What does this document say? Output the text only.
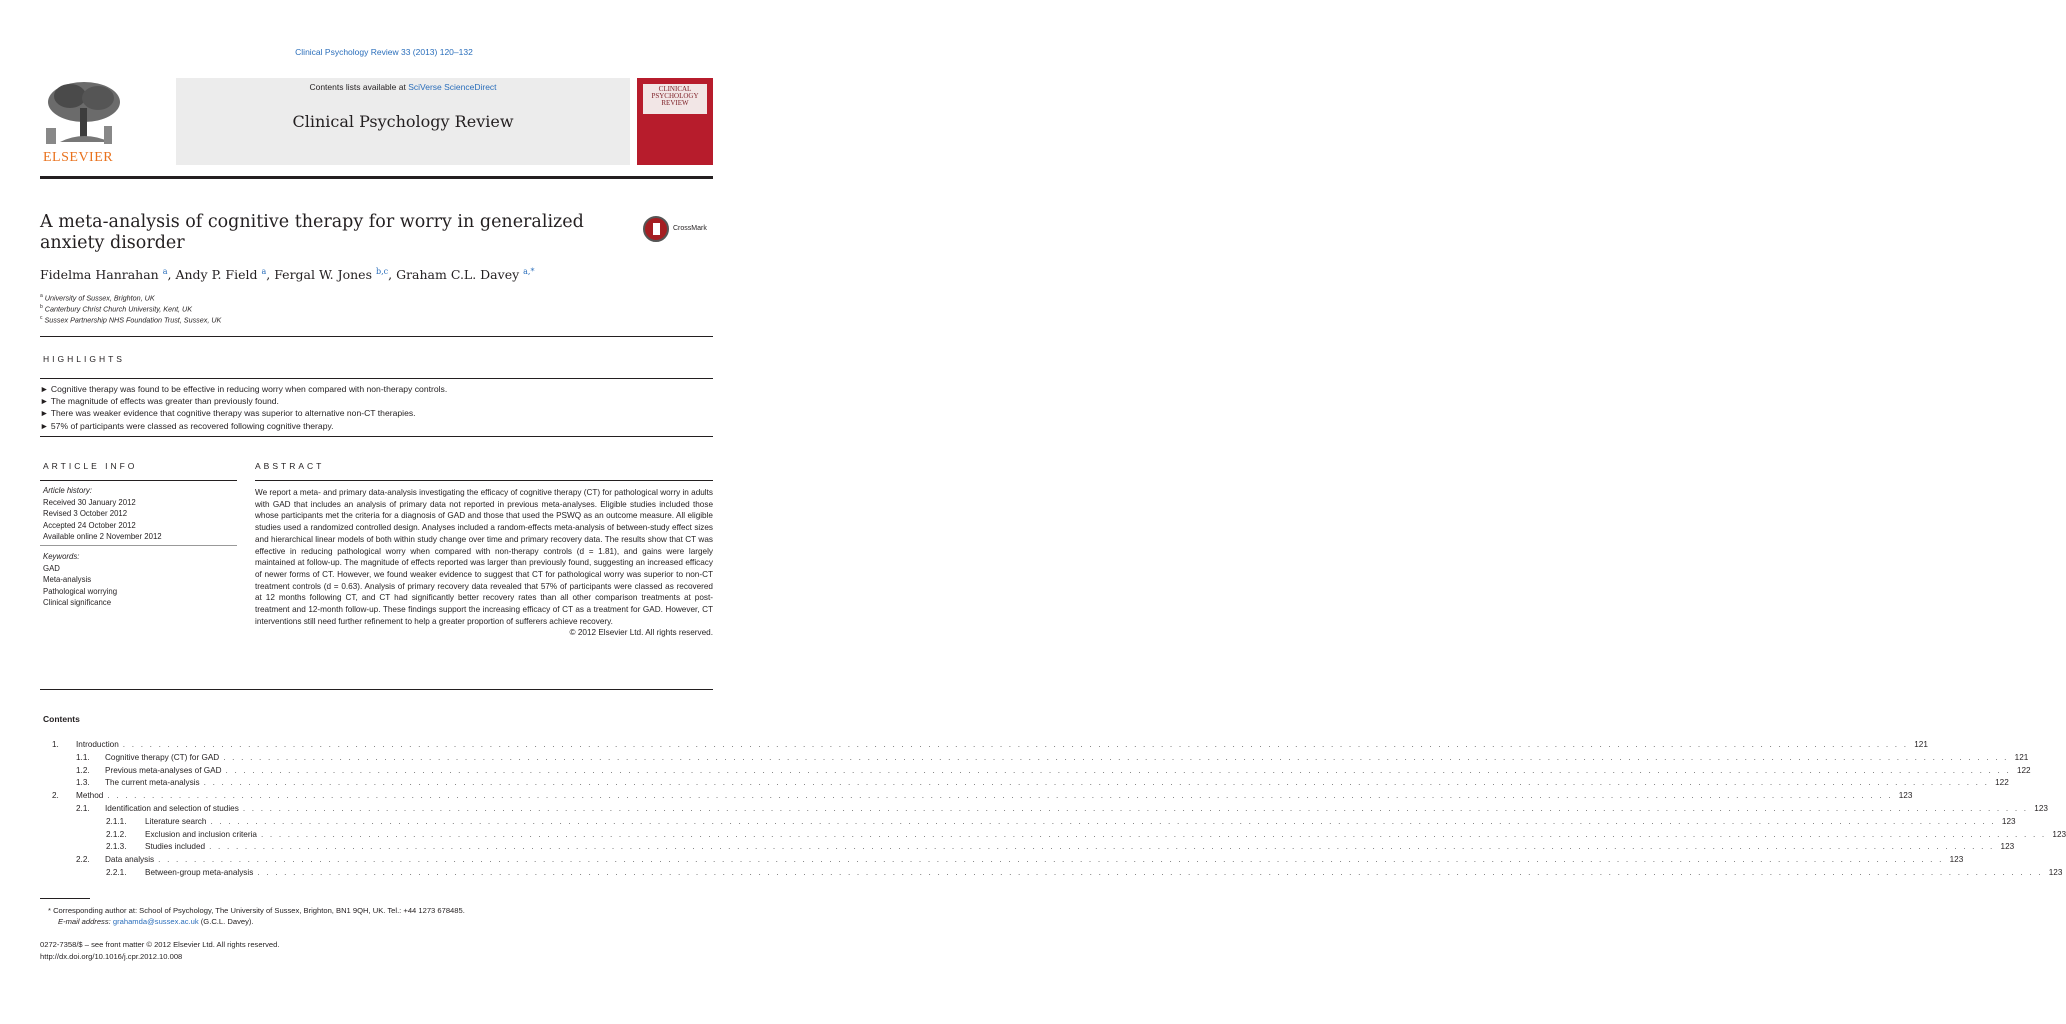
Clinical Psychology Review 33 (2013) 120–132
ELSEVIER
Contents lists available at SciVerse ScienceDirect
Clinical Psychology Review
CLINICAL
PSYCHOLOGY
REVIEW
A meta-analysis of cognitive therapy for worry in generalized
anxiety disorder
CrossMark
Fidelma Hanrahan $^a$, Andy P. Field $^a$, Fergal W. Jones $^{b,c}$, Graham C.L. Davey $^{a,*}$
$^a$ University of Sussex, Brighton, UK
$^b$ Canterbury Christ Church University, Kent, UK
$^c$ Sussex Partnership NHS Foundation Trust, Sussex, UK
HIGHLIGHTS
► Cognitive therapy was found to be effective in reducing worry when compared with non-therapy controls.
► The magnitude of effects was greater than previously found.
► There was weaker evidence that cognitive therapy was superior to alternative non-CT therapies.
► 57% of participants were classed as recovered following cognitive therapy.
ARTICLE INFO	ABSTRACT
Article history:
Received 30 January 2012
Revised 3 October 2012
Accepted 24 October 2012
Available online 2 November 2012
Keywords:
GAD
Meta-analysis
Pathological worrying
Clinical significance
We report a meta- and primary data-analysis investigating the efficacy of cognitive therapy (CT) for pathological worry in adults with GAD that includes an analysis of primary data not reported in previous meta-analyses. Eligible studies included those whose participants met the criteria for a diagnosis of GAD and those that used the PSWQ as an outcome measure. All eligible studies used a randomized controlled design. Analyses included a random-effects meta-analysis of between-study effect sizes and hierarchical linear models of both within study change over time and primary recovery data. The results show that CT was effective in reducing pathological worry when compared with non-therapy controls (d = 1.81), and gains were largely maintained at follow-up. The magnitude of effects reported was larger than previously found, suggesting an increased efficacy of newer forms of CT. However, we found weaker evidence to suggest that CT for pathological worry was superior to non-CT treatment controls (d = 0.63). Analysis of primary recovery data revealed that 57% of participants were classed as recovered at 12 months following CT, and CT had significantly better recovery rates than all other comparison treatments at post-treatment and 12-month follow-up. These findings support the increasing efficacy of CT as a treatment for GAD. However, CT interventions still need further refinement to help a greater proportion of sufferers achieve recovery.
© 2012 Elsevier Ltd. All rights reserved.
Contents
1.	Introduction . . . . . . . . . . . . . . . . . . . . . . . . . . . . . . . . . . . . . . . . . . . . . . . . . . . . . . . . . . . . . . . . . . . . . . . . . . . . . . . . . . . . . . . . . . . . . . . . . . . . . . . . . . . . . . . . . . . . . . . . . . . . . . . . . . . . . . . . . . . . . . . . . . . . . . . . . . . . . . . . . . . . . . . . . . . . . . . . . . . . . . . . . . . . . . . . . . . . . . . . 121
1.1.	Cognitive therapy (CT) for GAD . . . . . . . . . . . . . . . . . . . . . . . . . . . . . . . . . . . . . . . . . . . . . . . . . . . . . . . . . . . . . . . . . . . . . . . . . . . . . . . . . . . . . . . . . . . . . . . . . . . . . . . . . . . . . . . . . . . . . . . . . . . . . . . . . . . . . . . . . . . . . . . . . . . . . . . . . . . . . . . . . . . . . . . . . . . . . . . . . . . . . . . . . . . . . . . . . . . . . . . . 121
1.2.	Previous meta-analyses of GAD . . . . . . . . . . . . . . . . . . . . . . . . . . . . . . . . . . . . . . . . . . . . . . . . . . . . . . . . . . . . . . . . . . . . . . . . . . . . . . . . . . . . . . . . . . . . . . . . . . . . . . . . . . . . . . . . . . . . . . . . . . . . . . . . . . . . . . . . . . . . . . . . . . . . . . . . . . . . . . . . . . . . . . . . . . . . . . . . . . . . . . . . . . . . . . . . . . . . . . . . 122
1.3.	The current meta-analysis . . . . . . . . . . . . . . . . . . . . . . . . . . . . . . . . . . . . . . . . . . . . . . . . . . . . . . . . . . . . . . . . . . . . . . . . . . . . . . . . . . . . . . . . . . . . . . . . . . . . . . . . . . . . . . . . . . . . . . . . . . . . . . . . . . . . . . . . . . . . . . . . . . . . . . . . . . . . . . . . . . . . . . . . . . . . . . . . . . . . . . . . . . . . . . . . . . . . . . . . 122
2.	Method . . . . . . . . . . . . . . . . . . . . . . . . . . . . . . . . . . . . . . . . . . . . . . . . . . . . . . . . . . . . . . . . . . . . . . . . . . . . . . . . . . . . . . . . . . . . . . . . . . . . . . . . . . . . . . . . . . . . . . . . . . . . . . . . . . . . . . . . . . . . . . . . . . . . . . . . . . . . . . . . . . . . . . . . . . . . . . . . . . . . . . . . . . . . . . . . . . . . . . . . 123
2.1.	Identification and selection of studies . . . . . . . . . . . . . . . . . . . . . . . . . . . . . . . . . . . . . . . . . . . . . . . . . . . . . . . . . . . . . . . . . . . . . . . . . . . . . . . . . . . . . . . . . . . . . . . . . . . . . . . . . . . . . . . . . . . . . . . . . . . . . . . . . . . . . . . . . . . . . . . . . . . . . . . . . . . . . . . . . . . . . . . . . . . . . . . . . . . . . . . . . . . . . . . . . . . . . . . . 123
2.1.1.	Literature search . . . . . . . . . . . . . . . . . . . . . . . . . . . . . . . . . . . . . . . . . . . . . . . . . . . . . . . . . . . . . . . . . . . . . . . . . . . . . . . . . . . . . . . . . . . . . . . . . . . . . . . . . . . . . . . . . . . . . . . . . . . . . . . . . . . . . . . . . . . . . . . . . . . . . . . . . . . . . . . . . . . . . . . . . . . . . . . . . . . . . . . . . . . . . . . . . . . . . . . . 123
2.1.2.	Exclusion and inclusion criteria . . . . . . . . . . . . . . . . . . . . . . . . . . . . . . . . . . . . . . . . . . . . . . . . . . . . . . . . . . . . . . . . . . . . . . . . . . . . . . . . . . . . . . . . . . . . . . . . . . . . . . . . . . . . . . . . . . . . . . . . . . . . . . . . . . . . . . . . . . . . . . . . . . . . . . . . . . . . . . . . . . . . . . . . . . . . . . . . . . . . . . . . . . . . . . . . . . . . . . . . 123
2.1.3.	Studies included . . . . . . . . . . . . . . . . . . . . . . . . . . . . . . . . . . . . . . . . . . . . . . . . . . . . . . . . . . . . . . . . . . . . . . . . . . . . . . . . . . . . . . . . . . . . . . . . . . . . . . . . . . . . . . . . . . . . . . . . . . . . . . . . . . . . . . . . . . . . . . . . . . . . . . . . . . . . . . . . . . . . . . . . . . . . . . . . . . . . . . . . . . . . . . . . . . . . . . . . 123
2.2.	Data analysis . . . . . . . . . . . . . . . . . . . . . . . . . . . . . . . . . . . . . . . . . . . . . . . . . . . . . . . . . . . . . . . . . . . . . . . . . . . . . . . . . . . . . . . . . . . . . . . . . . . . . . . . . . . . . . . . . . . . . . . . . . . . . . . . . . . . . . . . . . . . . . . . . . . . . . . . . . . . . . . . . . . . . . . . . . . . . . . . . . . . . . . . . . . . . . . . . . . . . . . . 123
2.2.1.	Between-group meta-analysis . . . . . . . . . . . . . . . . . . . . . . . . . . . . . . . . . . . . . . . . . . . . . . . . . . . . . . . . . . . . . . . . . . . . . . . . . . . . . . . . . . . . . . . . . . . . . . . . . . . . . . . . . . . . . . . . . . . . . . . . . . . . . . . . . . . . . . . . . . . . . . . . . . . . . . . . . . . . . . . . . . . . . . . . . . . . . . . . . . . . . . . . . . . . . . . . . . . . . . . . 123
* Corresponding author at: School of Psychology, The University of Sussex, Brighton, BN1 9QH, UK. Tel.: +44 1273 678485.
E-mail address: grahamda@sussex.ac.uk (G.C.L. Davey).
0272-7358/$ – see front matter © 2012 Elsevier Ltd. All rights reserved.
http://dx.doi.org/10.1016/j.cpr.2012.10.008
